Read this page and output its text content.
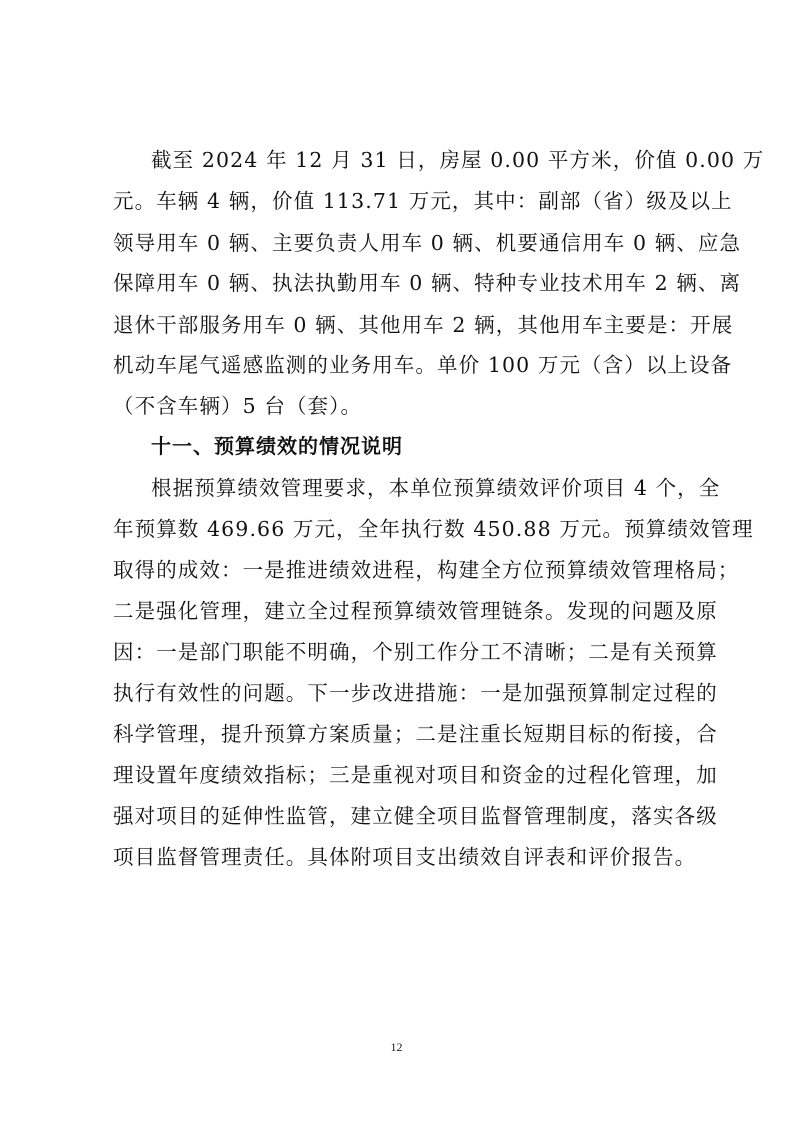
截至 2024 年 12 月 31 日，房屋 0.00 平方米，价值 0.00 万
元。车辆 4 辆，价值 113.71 万元，其中：副部（省）级及以上
领导用车 0 辆、主要负责人用车 0 辆、机要通信用车 0 辆、应急
保障用车 0 辆、执法执勤用车 0 辆、特种专业技术用车 2 辆、离
退休干部服务用车 0 辆、其他用车 2 辆，其他用车主要是：开展
机动车尾气遥感监测的业务用车。单价 100 万元（含）以上设备
（不含车辆）5 台（套）。
十一、预算绩效的情况说明
根据预算绩效管理要求，本单位预算绩效评价项目 4 个，全
年预算数 469.66 万元，全年执行数 450.88 万元。预算绩效管理
取得的成效：一是推进绩效进程，构建全方位预算绩效管理格局；
二是强化管理，建立全过程预算绩效管理链条。发现的问题及原
因：一是部门职能不明确，个别工作分工不清晰；二是有关预算
执行有效性的问题。下一步改进措施：一是加强预算制定过程的
科学管理，提升预算方案质量；二是注重长短期目标的衔接，合
理设置年度绩效指标；三是重视对项目和资金的过程化管理，加
强对项目的延伸性监管，建立健全项目监督管理制度，落实各级
项目监督管理责任。具体附项目支出绩效自评表和评价报告。
12
